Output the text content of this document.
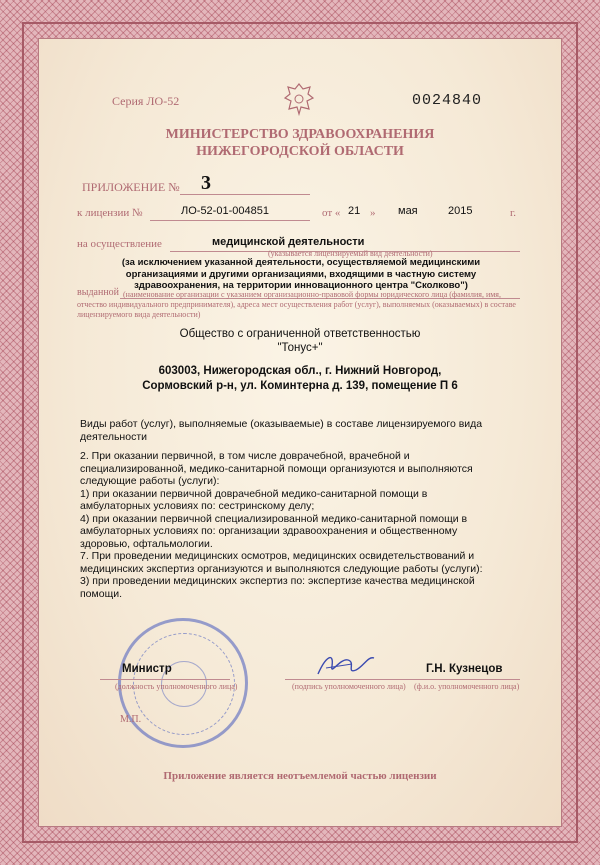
Серия ЛО-52	0024840
МИНИСТЕРСТВО ЗДРАВООХРАНЕНИЯ
НИЖЕГОРОДСКОЙ ОБЛАСТИ
ПРИЛОЖЕНИЕ № 3
к лицензии №	ЛО-52-01-004851	от « 21 » мая	2015	г.
на осуществление	медицинской деятельности
(указывается лицензируемый вид деятельности)
(за исключением указанной деятельности, осуществляемой медицинскими организациями и другими организациями, входящими в частную систему здравоохранения, на территории инновационного центра "Сколково")
выданной (наименование организации с указанием организационно-правовой формы юридического лица (фамилия, имя, отчество индивидуального предпринимателя), адреса мест осуществления работ (услуг), выполняемых (оказываемых) в составе лицензируемого вида деятельности)
Общество с ограниченной ответственностью
"Тонус+"
603003, Нижегородская обл., г. Нижний Новгород,
Сормовский р-н, ул. Коминтерна д. 139, помещение П 6
Виды работ (услуг), выполняемые (оказываемые) в составе лицензируемого вида деятельности
2. При оказании первичной, в том числе доврачебной, врачебной и
специализированной, медико-санитарной помощи организуются и выполняются
следующие работы (услуги):
1) при оказании первичной доврачебной медико-санитарной помощи в
амбулаторных условиях по: сестринскому делу;
4) при оказании первичной специализированной медико-санитарной помощи в
амбулаторных условиях по: организации здравоохранения и общественному
здоровью, офтальмологии.
7. При проведении медицинских осмотров, медицинских освидетельствований и
медицинских экспертиз организуются и выполняются следующие работы (услуги):
3) при проведении медицинских экспертиз по: экспертизе качества медицинской
помощи.
Министр
(должность уполномоченного лица)	(подпись уполномоченного лица)
Г.Н. Кузнецов
(ф.и.о. уполномоченного лица)
М.П.
Приложение является неотъемлемой частью лицензии
